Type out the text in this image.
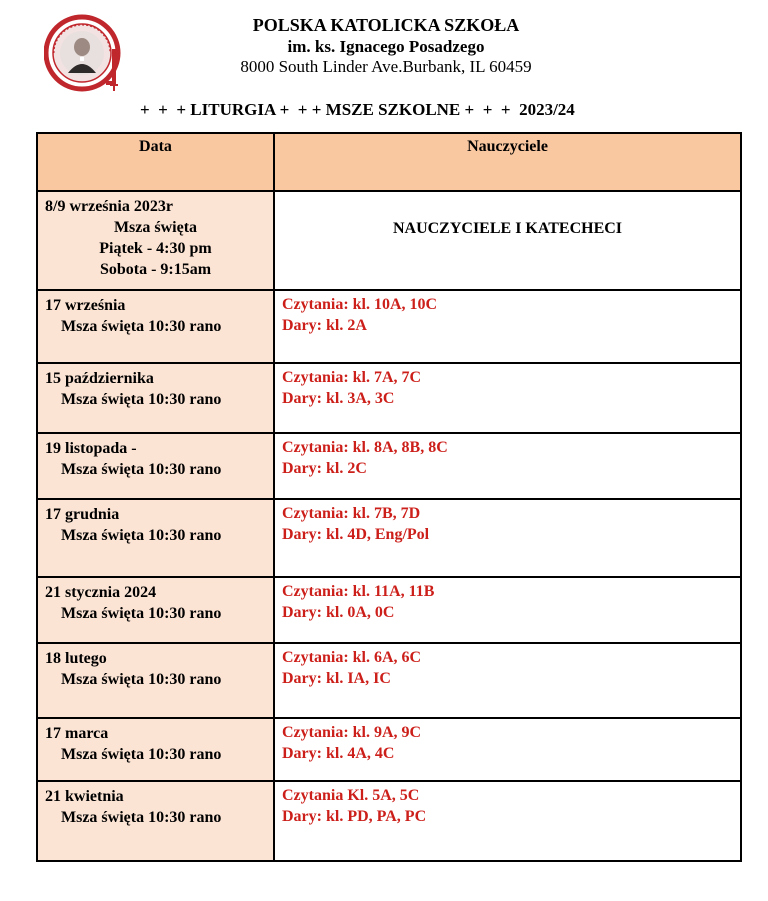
POLSKA KATOLICKA SZKOŁA
im. ks. Ignacego Posadzego
8000 South Linder Ave.Burbank, IL 60459
+  +  + LITURGIA +  + + MSZE SZKOLNE +  +  +  2023/24
Data	Nauczyciele

8/9 września 2023r
Msza święta
Piątek - 4:30 pm
Sobota - 9:15am	NAUCZYCIELE I KATECHECI

17 września
Msza święta 10:30 rano	Czytania: kl. 10A, 10C
Dary: kl. 2A

15 października
Msza święta 10:30 rano	Czytania: kl. 7A, 7C
Dary: kl. 3A, 3C

19 listopada -
Msza święta 10:30 rano	Czytania: kl. 8A, 8B, 8C
Dary: kl. 2C

17 grudnia
Msza święta 10:30 rano	Czytania: kl. 7B, 7D
Dary: kl. 4D, Eng/Pol

21 stycznia 2024
Msza święta 10:30 rano	Czytania: kl. 11A, 11B
Dary: kl. 0A, 0C

18 lutego
Msza święta 10:30 rano	Czytania: kl. 6A, 6C
Dary: kl. IA, IC

17 marca
Msza święta 10:30 rano	Czytania: kl. 9A, 9C
Dary: kl. 4A, 4C

21 kwietnia
Msza święta 10:30 rano	Czytania Kl. 5A, 5C
Dary: kl. PD, PA, PC
